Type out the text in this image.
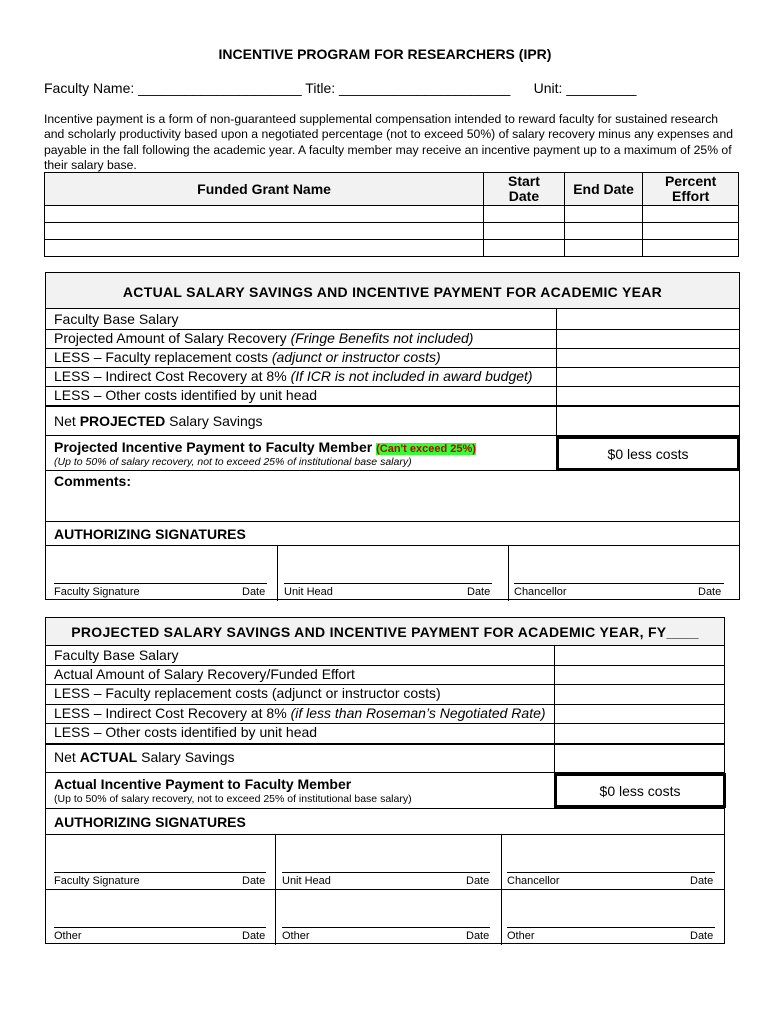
INCENTIVE PROGRAM FOR RESEARCHERS (IPR)
Faculty Name: _____________________ Title: ______________________ Unit: _________
Incentive payment is a form of non-guaranteed supplemental compensation intended to reward faculty for sustained research and scholarly productivity based upon a negotiated percentage (not to exceed 50%) of salary recovery minus any expenses and payable in the fall following the academic year. A faculty member may receive an incentive payment up to a maximum of 25% of their salary base.
Funded Grant Name	Start Date	End Date	Percent Effort

ACTUAL SALARY SAVINGS AND INCENTIVE PAYMENT FOR ACADEMIC YEAR
Faculty Base Salary
Projected Amount of Salary Recovery (Fringe Benefits not included)
LESS – Faculty replacement costs (adjunct or instructor costs)
LESS – Indirect Cost Recovery at 8% (If ICR is not included in award budget)
LESS – Other costs identified by unit head
Net PROJECTED Salary Savings
Projected Incentive Payment to Faculty Member (Can't exceed 25%)
(Up to 50% of salary recovery, not to exceed 25% of institutional base salary)
$0 less costs
Comments:
AUTHORIZING SIGNATURES
Faculty Signature	Date Unit Head	Date Chancellor	Date
PROJECTED SALARY SAVINGS AND INCENTIVE PAYMENT FOR ACADEMIC YEAR, FY____
Faculty Base Salary
Actual Amount of Salary Recovery/Funded Effort
LESS – Faculty replacement costs (adjunct or instructor costs)
LESS – Indirect Cost Recovery at 8% (if less than Roseman’s Negotiated Rate)
LESS – Other costs identified by unit head
Net ACTUAL Salary Savings
Actual Incentive Payment to Faculty Member
(Up to 50% of salary recovery, not to exceed 25% of institutional base salary)
$0 less costs
AUTHORIZING SIGNATURES
Faculty Signature	Date Unit Head	Date Chancellor	Date
Other	Date Other	Date Other	Date
